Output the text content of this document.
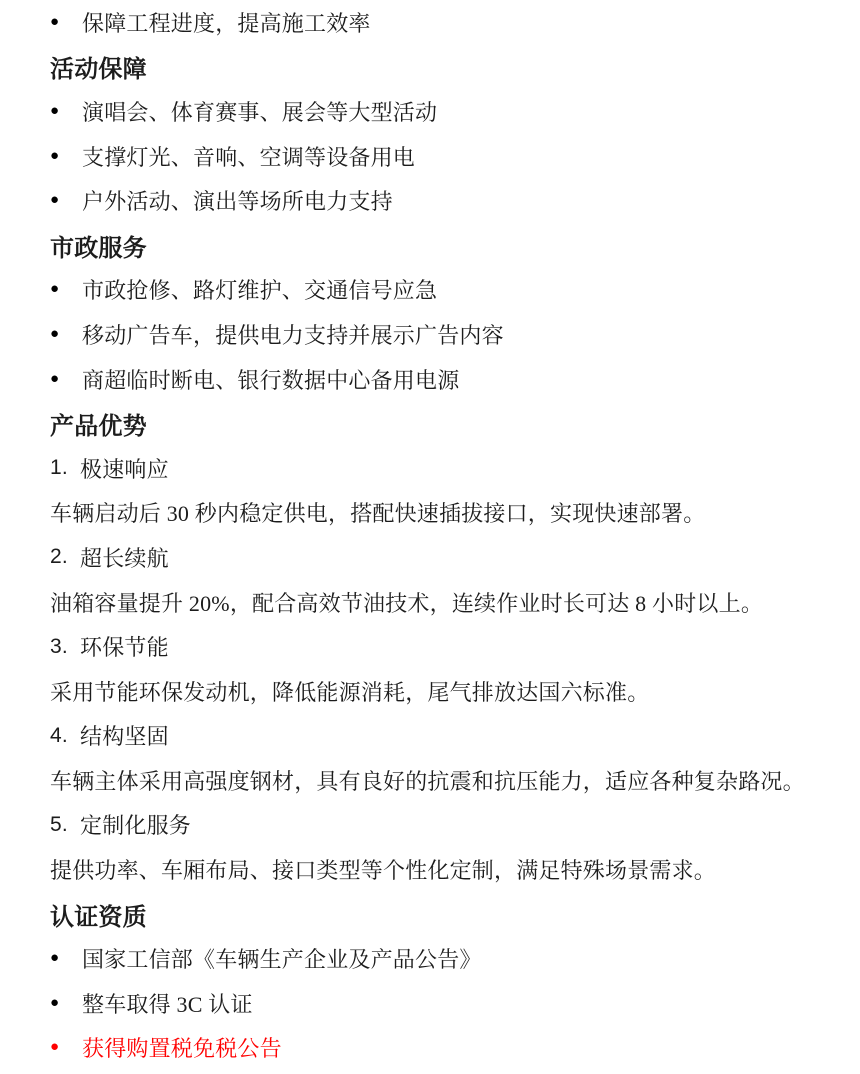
●	保障工程进度，提高施工效率
活动保障
●	演唱会、体育赛事、展会等大型活动
●	支撑灯光、音响、空调等设备用电
●	户外活动、演出等场所电力支持
市政服务
●	市政抢修、路灯维护、交通信号应急
●	移动广告车，提供电力支持并展示广告内容
●	商超临时断电、银行数据中心备用电源
产品优势
1. 极速响应
车辆启动后 30 秒内稳定供电，搭配快速插拔接口，实现快速部署。
2. 超长续航
油箱容量提升 20%，配合高效节油技术，连续作业时长可达 8 小时以上。
3. 环保节能
采用节能环保发动机，降低能源消耗，尾气排放达国六标准。
4. 结构坚固
车辆主体采用高强度钢材，具有良好的抗震和抗压能力，适应各种复杂路况。
5. 定制化服务
提供功率、车厢布局、接口类型等个性化定制，满足特殊场景需求。
认证资质
●	国家工信部《车辆生产企业及产品公告》
●	整车取得 3C 认证
●	获得购置税免税公告
